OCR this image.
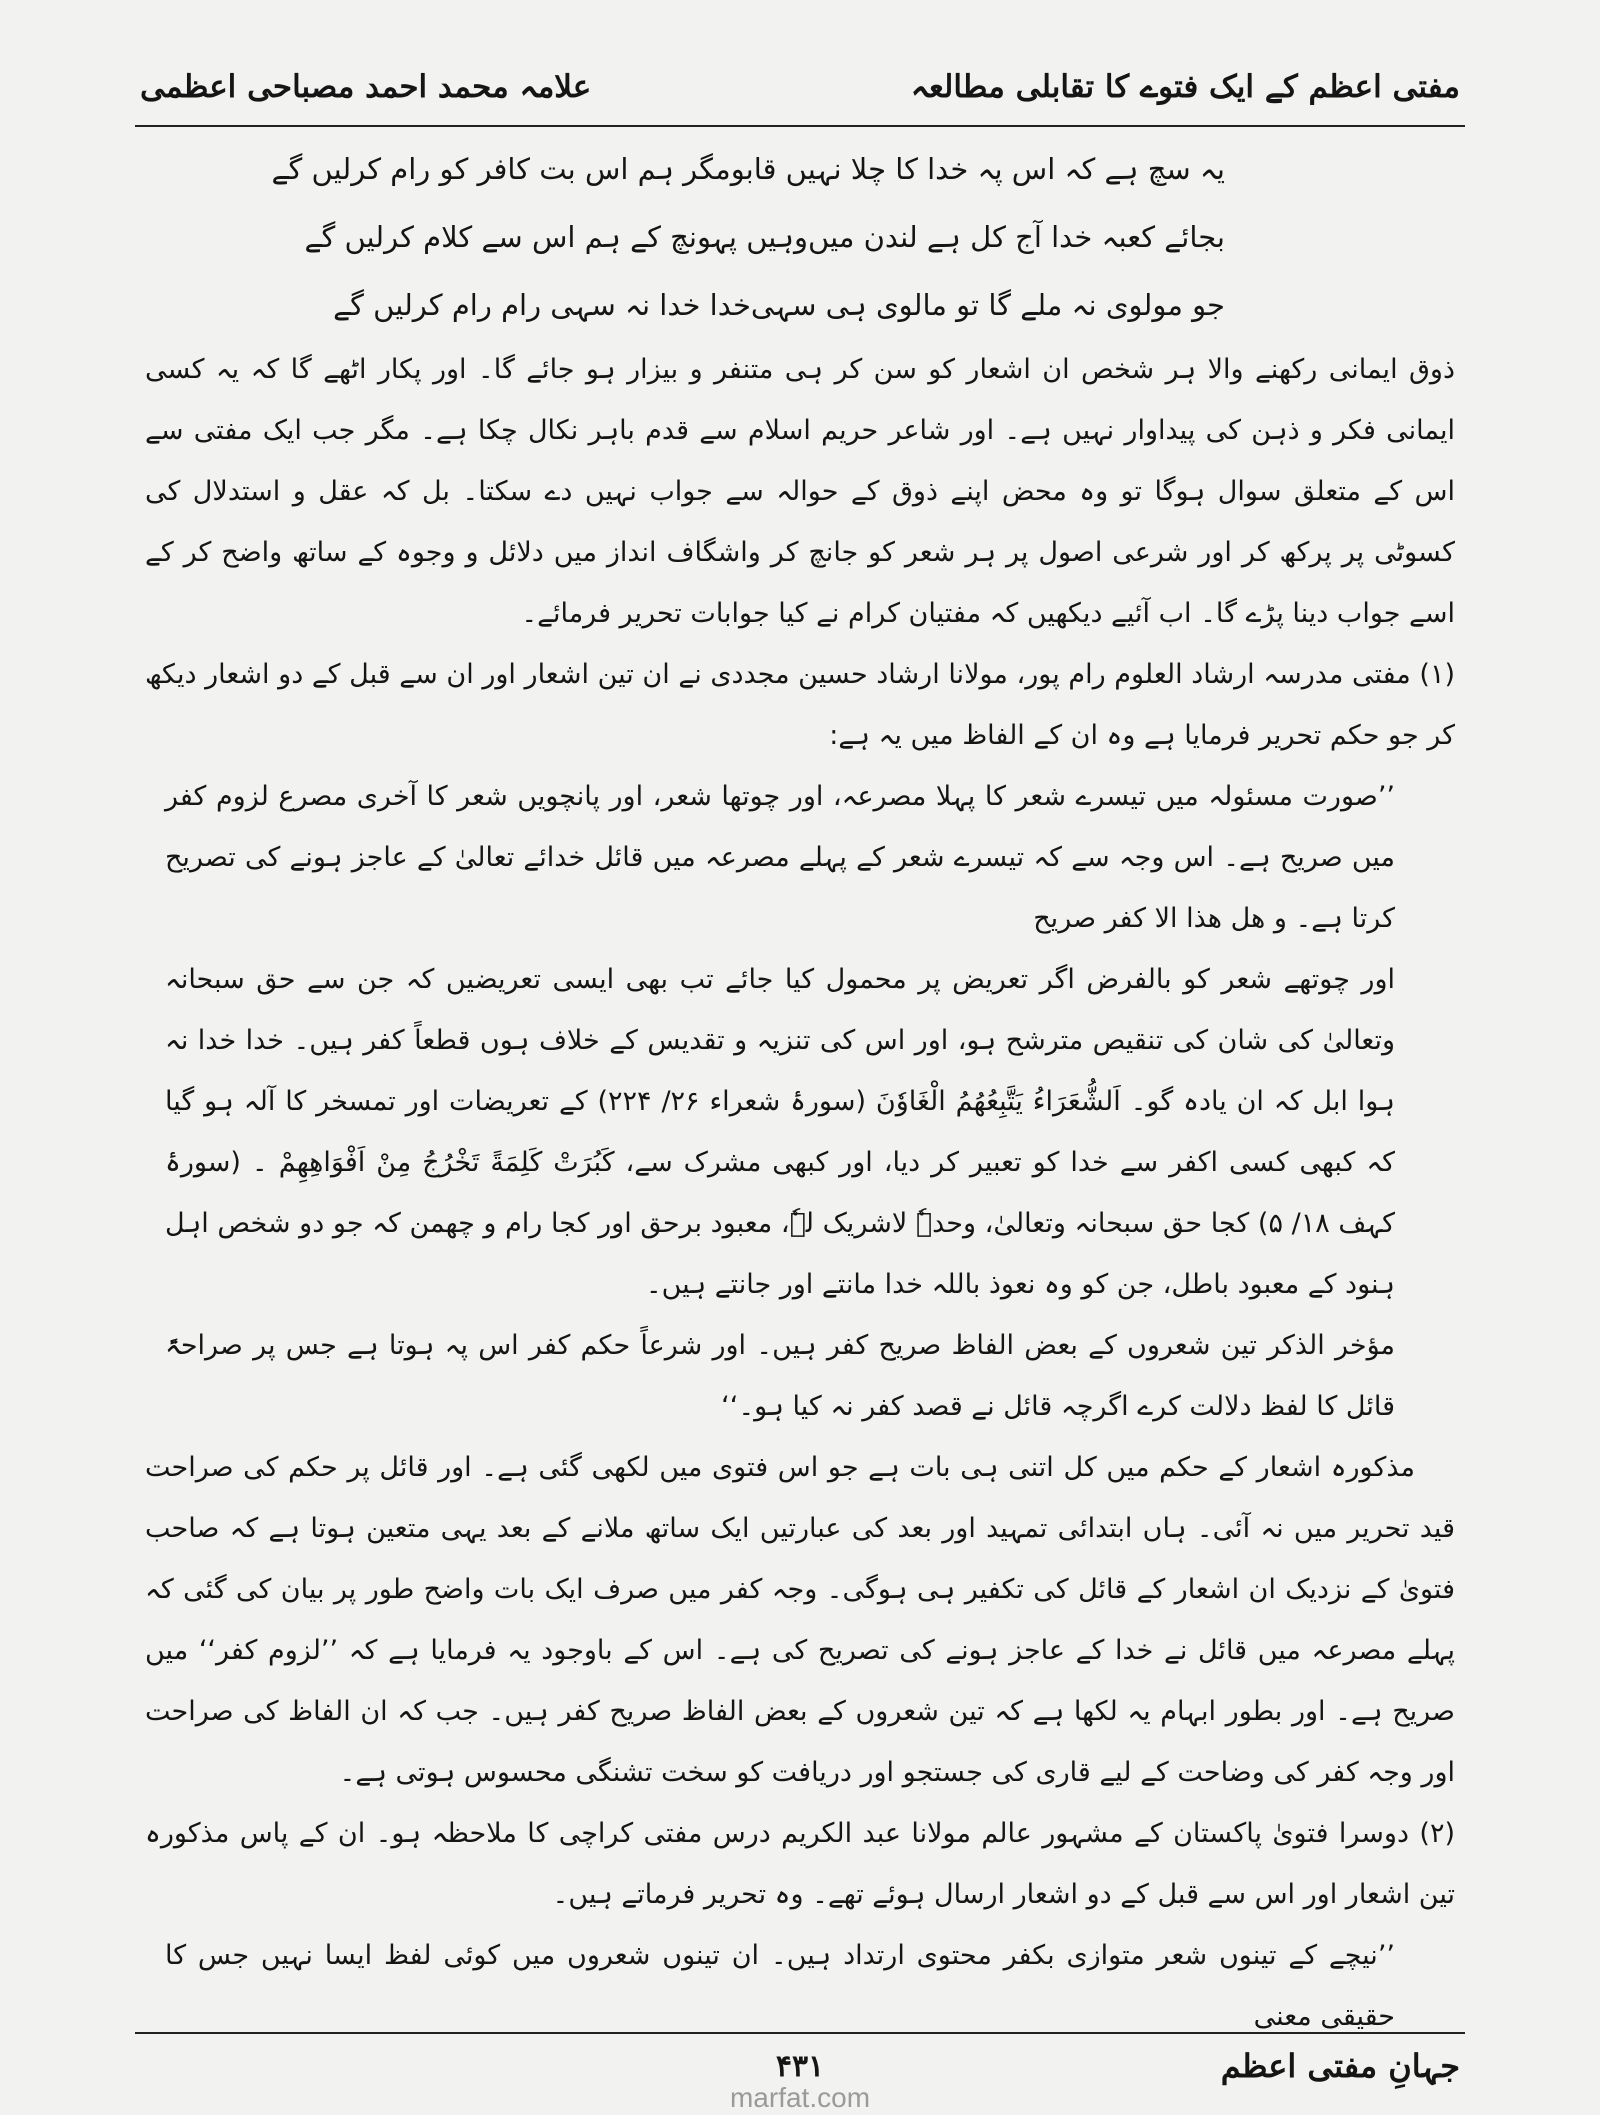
مفتی اعظم کے ایک فتوے کا تقابلی مطالعہ
علامہ محمد احمد مصباحی اعظمی
یہ سچ ہے کہ اس پہ خدا کا چلا نہیں قابو
مگر ہم اس بت کافر کو رام کرلیں گے
بجائے کعبہ خدا آج کل ہے لندن میں
وہیں پہونچ کے ہم اس سے کلام کرلیں گے
جو مولوی نہ ملے گا تو مالوی ہی سہی
خدا خدا نہ سہی رام رام کرلیں گے

ذوق ایمانی رکھنے والا ہر شخص ان اشعار کو سن کر ہی متنفر و بیزار ہو جائے گا۔ اور پکار اٹھے گا کہ یہ کسی ایمانی فکر و ذہن کی پیداوار نہیں ہے۔ اور شاعر حریم اسلام سے قدم باہر نکال چکا ہے۔ مگر جب ایک مفتی سے اس کے متعلق سوال ہوگا تو وہ محض اپنے ذوق کے حوالہ سے جواب نہیں دے سکتا۔ بل کہ عقل و استدلال کی کسوٹی پر پرکھ کر اور شرعی اصول پر ہر شعر کو جانچ کر واشگاف انداز میں دلائل و وجوہ کے ساتھ واضح کر کے اسے جواب دینا پڑے گا۔ اب آئیے دیکھیں کہ مفتیان کرام نے کیا جوابات تحریر فرمائے۔

(۱) مفتی مدرسہ ارشاد العلوم رام پور، مولانا ارشاد حسین مجددی نے ان تین اشعار اور ان سے قبل کے دو اشعار دیکھ کر جو حکم تحریر فرمایا ہے وہ ان کے الفاظ میں یہ ہے:

’’صورت مسئولہ میں تیسرے شعر کا پہلا مصرعہ، اور چوتھا شعر، اور پانچویں شعر کا آخری مصرع لزوم کفر میں صریح ہے۔ اس وجہ سے کہ تیسرے شعر کے پہلے مصرعہ میں قائل خدائے تعالیٰ کے عاجز ہونے کی تصریح کرتا ہے۔ و هل هذا الا كفر صريح

اور چوتھے شعر کو بالفرض اگر تعریض پر محمول کیا جائے تب بھی ایسی تعریضیں کہ جن سے حق سبحانہ وتعالیٰ کی شان کی تنقیص مترشح ہو، اور اس کی تنزیہ و تقدیس کے خلاف ہوں قطعاً کفر ہیں۔ خدا خدا نہ ہوا ابل کہ ان یادہ گو۔ اَلشُّعَرَاءُ یَتَّبِعُهُمُ الْغَاوٗنَ (سورۂ شعراء ۲۶/ ۲۲۴) کے تعریضات اور تمسخر کا آلہ ہو گیا کہ کبھی کسی اکفر سے خدا کو تعبیر کر دیا، اور کبھی مشرک سے، كَبُرَتْ كَلِمَةً تَخْرُجُ مِنْ اَفْوَاهِهِمْ ۔ (سورۂ کہف ۱۸/ ۵) کجا حق سبحانہ وتعالیٰ، وحدہٗ لاشریک لہٗ، معبود برحق اور کجا رام و چھمن کہ جو دو شخص اہل ہنود کے معبود باطل، جن کو وہ نعوذ باللہ خدا مانتے اور جانتے ہیں۔

مؤخر الذکر تین شعروں کے بعض الفاظ صریح کفر ہیں۔ اور شرعاً حکم کفر اس پہ ہوتا ہے جس پر صراحۃً قائل کا لفظ دلالت کرے اگرچہ قائل نے قصد کفر نہ کیا ہو۔‘‘

مذکورہ اشعار کے حکم میں کل اتنی ہی بات ہے جو اس فتوی میں لکھی گئی ہے۔ اور قائل پر حکم کی صراحت قید تحریر میں نہ آئی۔ ہاں ابتدائی تمہید اور بعد کی عبارتیں ایک ساتھ ملانے کے بعد یہی متعین ہوتا ہے کہ صاحب فتویٰ کے نزدیک ان اشعار کے قائل کی تکفیر ہی ہوگی۔ وجہ کفر میں صرف ایک بات واضح طور پر بیان کی گئی کہ پہلے مصرعہ میں قائل نے خدا کے عاجز ہونے کی تصریح کی ہے۔ اس کے باوجود یہ فرمایا ہے کہ ’’لزوم کفر‘‘ میں صریح ہے۔ اور بطور ابہام یہ لکھا ہے کہ تین شعروں کے بعض الفاظ صریح کفر ہیں۔ جب کہ ان الفاظ کی صراحت اور وجہ کفر کی وضاحت کے لیے قاری کی جستجو اور دریافت کو سخت تشنگی محسوس ہوتی ہے۔

(۲) دوسرا فتویٰ پاکستان کے مشہور عالم مولانا عبد الکریم درس مفتی کراچی کا ملاحظہ ہو۔ ان کے پاس مذکورہ تین اشعار اور اس سے قبل کے دو اشعار ارسال ہوئے تھے۔ وہ تحریر فرماتے ہیں۔

’’نیچے کے تینوں شعر متوازی بکفر محتوی ارتداد ہیں۔ ان تینوں شعروں میں کوئی لفظ ایسا نہیں جس کا حقیقی معنی

۴۳۱	جہانِ مفتی اعظم
marfat.com
